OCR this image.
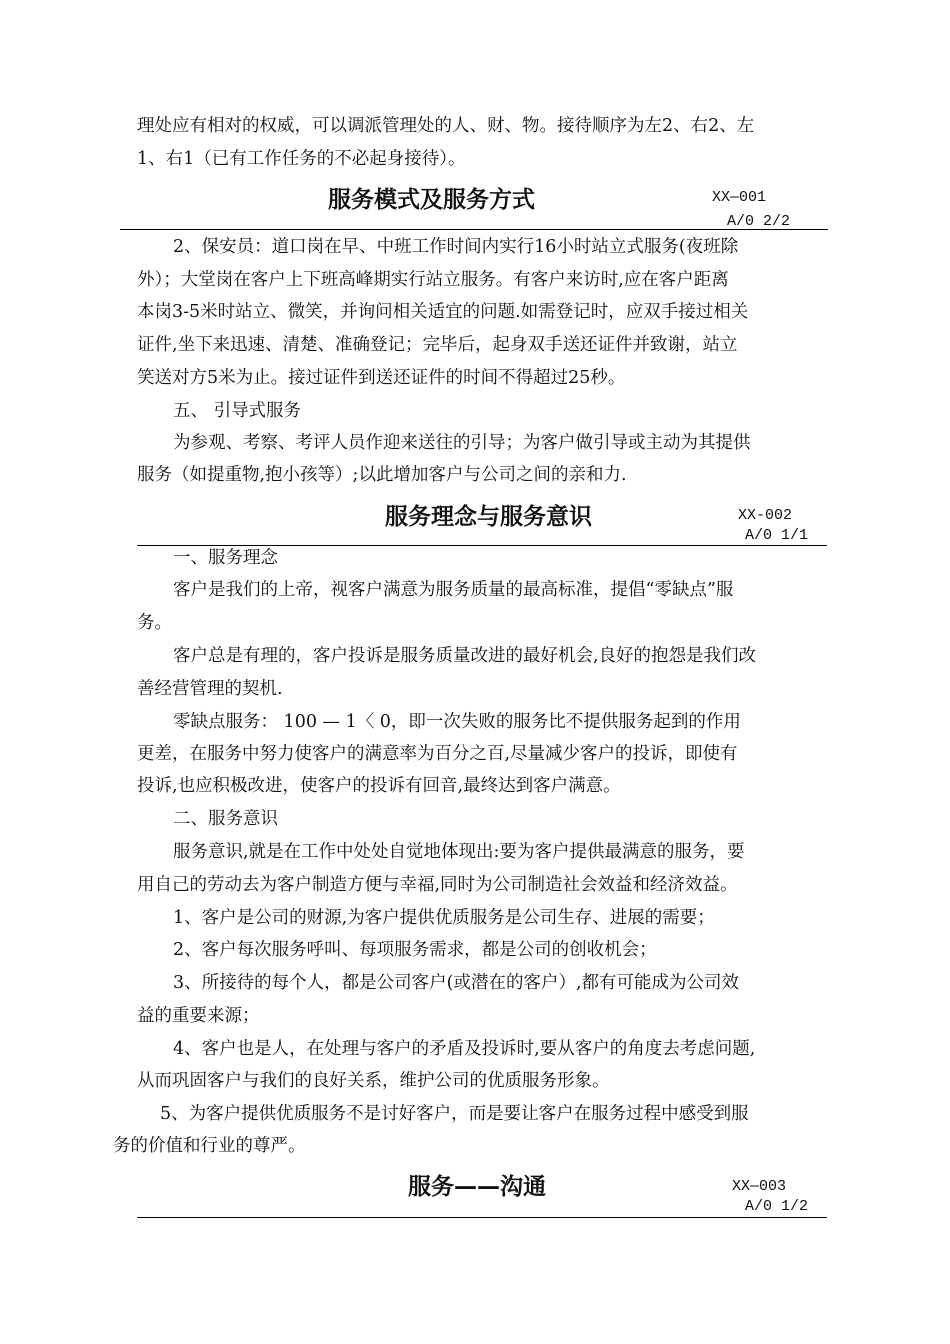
理处应有相对的权威，可以调派管理处的人、财、物。接待顺序为左2、右2、左
1、右1（已有工作任务的不必起身接待）。
服务模式及服务方式	XX—001
A/0 2/2
2、保安员：道口岗在早、中班工作时间内实行16小时站立式服务(夜班除
外）；大堂岗在客户上下班高峰期实行站立服务。有客户来访时,应在客户距离
本岗3-5米时站立、微笑，并询问相关适宜的问题.如需登记时，应双手接过相关
证件,坐下来迅速、清楚、准确登记；完毕后，起身双手送还证件并致谢，站立
笑送对方5米为止。接过证件到送还证件的时间不得超过25秒。
五、 引导式服务
为参观、考察、考评人员作迎来送往的引导；为客户做引导或主动为其提供
服务（如提重物,抱小孩等）;以此增加客户与公司之间的亲和力.
服务理念与服务意识	XX-002
A/0 1/1
一、服务理念
客户是我们的上帝，视客户满意为服务质量的最高标准，提倡“零缺点”服
务。
客户总是有理的，客户投诉是服务质量改进的最好机会,良好的抱怨是我们改
善经营管理的契机.
零缺点服务： 100 — 1〈 0，即一次失败的服务比不提供服务起到的作用
更差，在服务中努力使客户的满意率为百分之百,尽量减少客户的投诉，即使有
投诉,也应积极改进，使客户的投诉有回音,最终达到客户满意。
二、服务意识
服务意识,就是在工作中处处自觉地体现出:要为客户提供最满意的服务，要
用自己的劳动去为客户制造方便与幸福,同时为公司制造社会效益和经济效益。
1、客户是公司的财源,为客户提供优质服务是公司生存、进展的需要；
2、客户每次服务呼叫、每项服务需求，都是公司的创收机会；
3、所接待的每个人，都是公司客户(或潜在的客户）,都有可能成为公司效
益的重要来源；
4、客户也是人，在处理与客户的矛盾及投诉时,要从客户的角度去考虑问题,
从而巩固客户与我们的良好关系，维护公司的优质服务形象。
5、为客户提供优质服务不是讨好客户，而是要让客户在服务过程中感受到服
务的价值和行业的尊严。
服务——沟通	XX—003
A/0 1/2
